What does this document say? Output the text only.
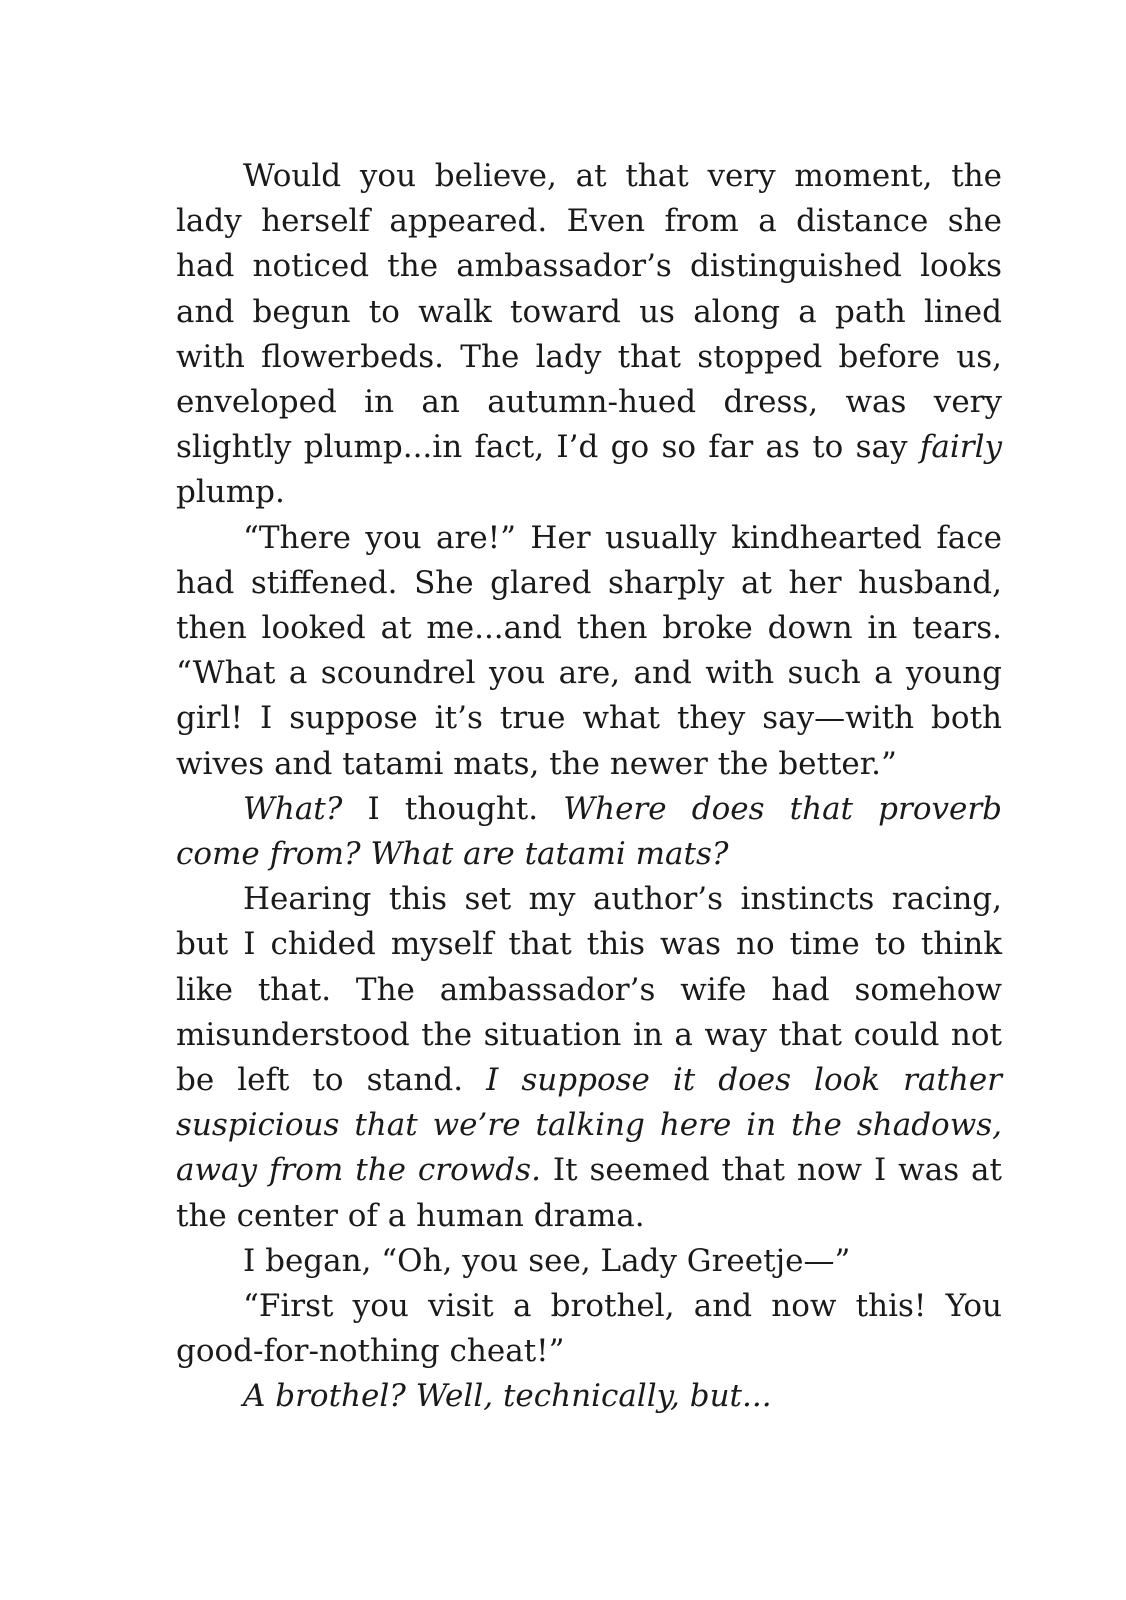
Would you believe, at that very moment, the lady herself appeared. Even from a distance she had noticed the ambassador’s distinguished looks and begun to walk toward us along a path lined with flowerbeds. The lady that stopped before us, enveloped in an autumn-hued dress, was very slightly plump...in fact, I’d go so far as to say fairly plump.

“There you are!” Her usually kindhearted face had stiffened. She glared sharply at her husband, then looked at me...and then broke down in tears. “What a scoundrel you are, and with such a young girl! I suppose it’s true what they say—with both wives and tatami mats, the newer the better.”

What? I thought. Where does that proverb come from? What are tatami mats?

Hearing this set my author’s instincts racing, but I chided myself that this was no time to think like that. The ambassador’s wife had somehow misunderstood the situation in a way that could not be left to stand. I suppose it does look rather suspicious that we’re talking here in the shadows, away from the crowds. It seemed that now I was at the center of a human drama.

I began, “Oh, you see, Lady Greetje—”

“First you visit a brothel, and now this! You good-for-nothing cheat!”

A brothel? Well, technically, but...
